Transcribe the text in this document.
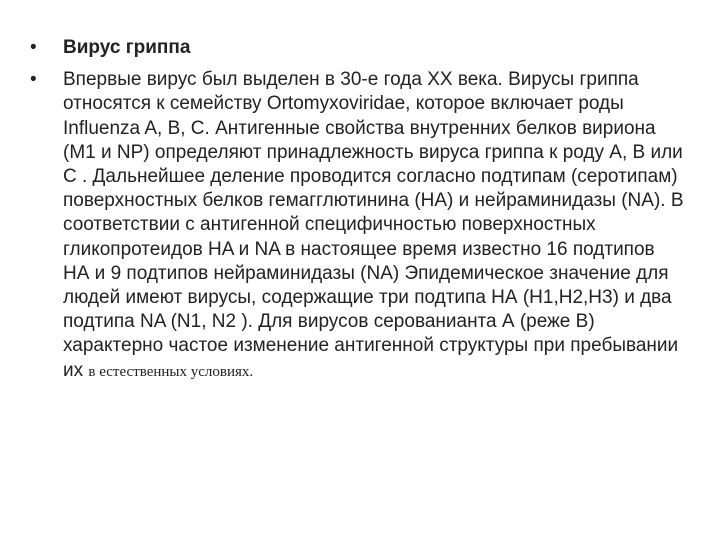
•	Вирус гриппа
•	Впервые вирус был выделен в 30-е года XX века. Вирусы гриппа относятся к семейству Ortomyxoviridae, которое включает роды Influenza A, B, C. Антигенные свойства внутренних белков вириона (M1 и NP) определяют принадлежность вируса гриппа к роду А, В или С . Дальнейшее деление проводится согласно подтипам (серотипам) поверхностных белков гемагглютинина (НА) и нейраминидазы (NA). В соответствии с антигенной специфичностью поверхностных гликопротеидов HA и NA в настоящее время известно 16 подтипов НА и 9 подтипов нейраминидазы (NA) Эпидемическое значение для людей имеют вирусы, содержащие три подтипа НА (H1,H2,H3) и два подтипа NA (N1, N2 ). Для вирусов серованианта А (реже В) характерно частое изменение антигенной структуры при пребывании их в естественных условиях.
